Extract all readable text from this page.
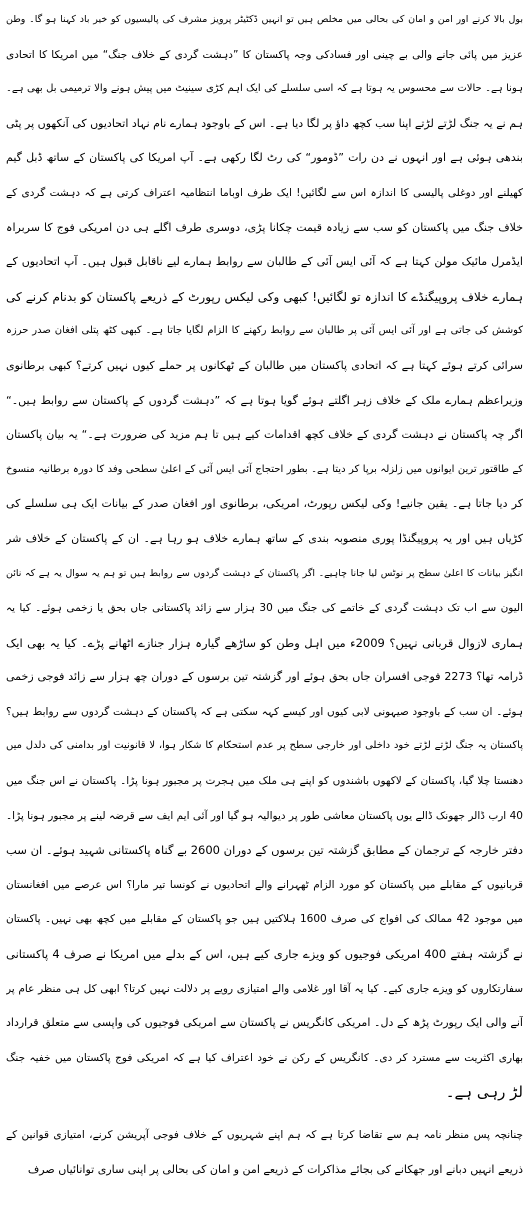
بول بالا کرنے اور امن و امان کی بحالی میں مخلص ہیں تو انہیں ڈکٹیٹر پرویز مشرف کی پالیسیوں کو خیر باد کہنا ہو گا۔ وطن
عزیز میں پائی جانے والی بے چینی اور فسادکی وجہ پاکستان کا ”دہشت گردی کے خلاف جنگ“ میں امریکا کا اتحادی
ہونا ہے۔ حالات سے محسوس یہ ہوتا ہے کہ اسی سلسلے کی ایک اہم کڑی سینیٹ میں پیش ہونے والا ترمیمی بل بھی ہے۔
ہم نے یہ جنگ لڑتے لڑتے اپنا سب کچھ داؤ پر لگا دیا ہے۔ اس کے باوجود ہمارے نام نہاد اتحادیوں کی آنکھوں پر پٹی
بندھی ہوئی ہے اور انہوں نے دن رات ”ڈومور“ کی رٹ لگا رکھی ہے۔ آپ امریکا کی پاکستان کے ساتھ ڈبل گیم
کھیلنے اور دوغلی پالیسی کا اندازہ اس سے لگائیں! ایک طرف اوباما انتظامیہ اعتراف کرتی ہے کہ دہشت گردی کے
خلاف جنگ میں پاکستان کو سب سے زیادہ قیمت چکانا پڑی، دوسری طرف اگلے ہی دن امریکی فوج کا سربراہ
ایڈمرل مائیک مولن کہتا ہے کہ آئی ایس آئی کے طالبان سے روابط ہمارے لیے ناقابل قبول ہیں۔ آپ اتحادیوں کے
ہمارے خلاف پروپیگنڈے کا اندازہ تو لگائیں! کبھی وکی لیکس رپورٹ کے ذریعے پاکستان کو بدنام کرنے کی
کوشش کی جاتی ہے اور آئی ایس آئی پر طالبان سے روابط رکھنے کا الزام لگایا جاتا ہے۔ کبھی کٹھ پتلی افغان صدر حرزہ
سرائی کرتے ہوئے کہتا ہے کہ اتحادی پاکستان میں طالبان کے ٹھکانوں پر حملے کیوں نہیں کرتے؟ کبھی برطانوی
وزیراعظم ہمارے ملک کے خلاف زہر اگلتے ہوئے گویا ہوتا ہے کہ ”دہشت گردوں کے پاکستان سے روابط ہیں۔“
اگر چہ پاکستان نے دہشت گردی کے خلاف کچھ اقدامات کیے ہیں تا ہم مزید کی ضرورت ہے۔“ یہ بیان پاکستان
کے طاقتور ترین ایوانوں میں زلزلہ برپا کر دیتا ہے۔ بطور احتجاج آئی ایس آئی کے اعلیٰ سطحی وفد کا دورہ برطانیہ منسوخ
کر دیا جاتا ہے۔ یقین جانیے! وکی لیکس رپورٹ، امریکی، برطانوی اور افغان صدر کے بیانات ایک ہی سلسلے کی
کڑیاں ہیں اور یہ پروپیگنڈا پوری منصوبہ بندی کے ساتھ ہمارے خلاف ہو رہا ہے۔ ان کے پاکستان کے خلاف شر
انگیز بیانات کا اعلیٰ سطح پر نوٹس لیا جانا چاہیے۔ اگر پاکستان کے دہشت گردوں سے روابط ہیں تو ہم یہ سوال یہ ہے کہ نائن
الیون سے اب تک دہشت گردی کے خاتمے کی جنگ میں 30 ہزار سے زائد پاکستانی جاں بحق یا زخمی ہوئے۔ کیا یہ
ہماری لازوال قربانی نہیں؟ 2009ء میں اہل وطن کو ساڑھے گیارہ ہزار جنازے اٹھانے پڑے۔ کیا یہ بھی ایک
ڈرامہ تھا؟ 2273 فوجی افسران جاں بحق ہوئے اور گزشتہ تین برسوں کے دوران چھ ہزار سے زائد فوجی زخمی
ہوئے۔ ان سب کے باوجود صیہونی لابی کیوں اور کیسے کہہ سکتی ہے کہ پاکستان کے دہشت گردوں سے روابط ہیں؟
پاکستان یہ جنگ لڑتے لڑتے خود داخلی اور خارجی سطح پر عدم استحکام کا شکار ہوا، لا قانونیت اور بدامنی کی دلدل میں
دھنستا چلا گیا، پاکستان کے لاکھوں باشندوں کو اپنے ہی ملک میں ہجرت پر مجبور ہونا پڑا۔ پاکستان نے اس جنگ میں
40 ارب ڈالر جھونک ڈالے یوں پاکستان معاشی طور پر دیوالیہ ہو گیا اور آئی ایم ایف سے قرضہ لینے پر مجبور ہونا پڑا۔
دفتر خارجہ کے ترجمان کے مطابق گزشتہ تین برسوں کے دوران 2600 بے گناہ پاکستانی شہید ہوئے۔ ان سب
قربانیوں کے مقابلے میں پاکستان کو مورد الزام ٹھہرانے والے اتحادیوں نے کونسا تیر مارا؟ اس عرصے میں افغانستان
میں موجود 42 ممالک کی افواج کی صرف 1600 ہلاکتیں ہیں جو پاکستان کے مقابلے میں کچھ بھی نہیں۔ پاکستان
نے گزشتہ ہفتے 400 امریکی فوجیوں کو ویزے جاری کیے ہیں، اس کے بدلے میں امریکا نے صرف 4 پاکستانی
سفارتکاروں کو ویزے جاری کیے۔ کیا یہ آقا اور غلامی والے امتیازی رویے پر دلالت نہیں کرتا؟ ابھی کل ہی منظر عام پر
آنے والی ایک رپورٹ پڑھ کے دل۔ امریکی کانگریس نے پاکستان سے امریکی فوجیوں کی واپسی سے متعلق قرارداد
بھاری اکثریت سے مسترد کر دی۔ کانگریس کے رکن نے خود اعتراف کیا ہے کہ امریکی فوج پاکستان میں خفیہ جنگ
لڑ رہی ہے۔
چنانچہ پس منظر نامہ ہم سے تقاضا کرتا ہے کہ ہم اپنے شہریوں کے خلاف فوجی آپریشن کرنے، امتیازی قوانین کے
ذریعے انہیں دبانے اور جھکانے کی بجائے مذاکرات کے ذریعے امن و امان کی بحالی پر اپنی ساری توانائیاں صرف
